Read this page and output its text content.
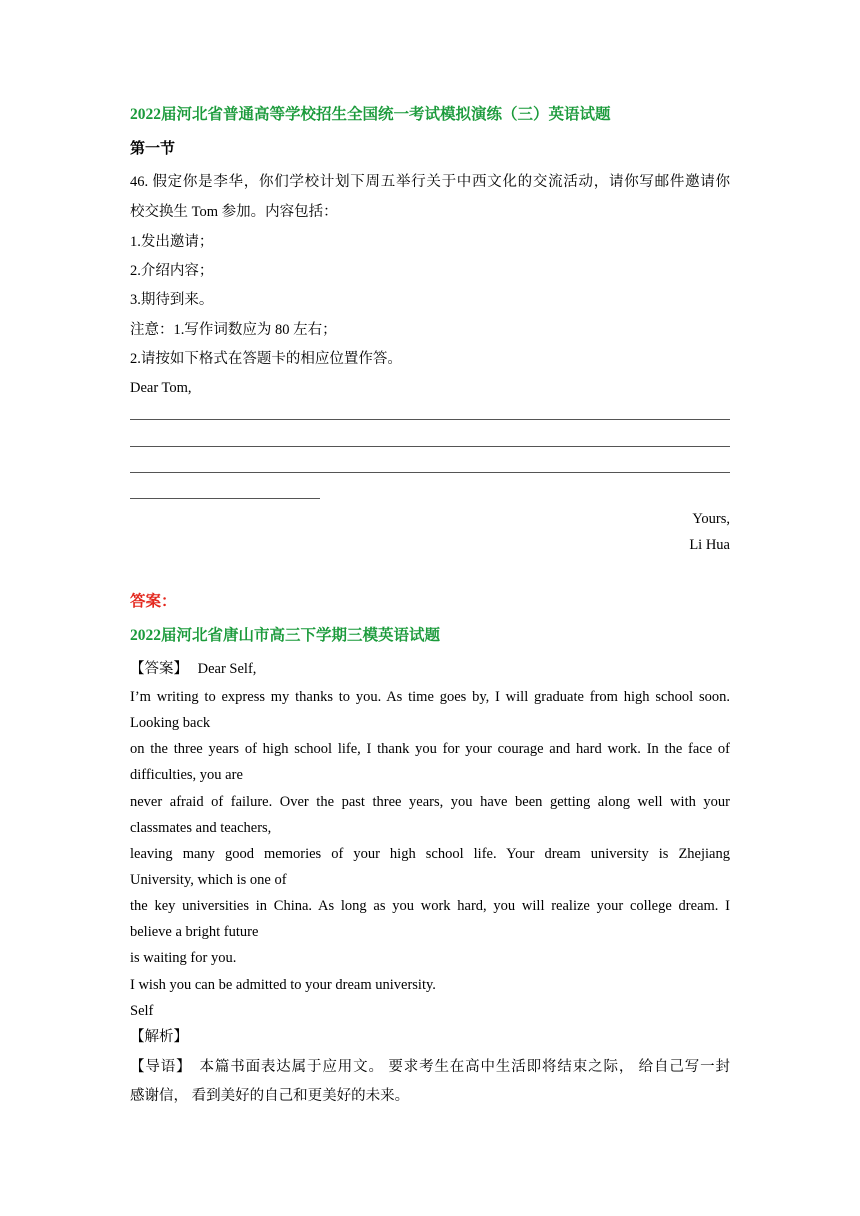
2022届河北省普通高等学校招生全国统一考试模拟演练（三）英语试题
第一节
46. 假定你是李华，你们学校计划下周五举行关于中西文化的交流活动，请你写邮件邀请你
校交换生 Tom 参加。内容包括：
1.发出邀请；
2.介绍内容；
3.期待到来。
注意：1.写作词数应为 80 左右；
2.请按如下格式在答题卡的相应位置作答。
Dear Tom,
Yours,
Li Hua
答案：
2022届河北省唐山市高三下学期三模英语试题
【答案】 Dear Self,
I’m writing to express my thanks to you. As time goes by, I will graduate from high school soon.
Looking back
on the three years of high school life, I thank you for your courage and hard work. In the face of
difficulties, you are
never afraid of failure. Over the past three years, you have been getting along well with your
classmates and teachers,
leaving many good memories of your high school life. Your dream university is Zhejiang
University, which is one of
the key universities in China. As long as you work hard, you will realize your college dream. I
believe a bright future
is waiting for you.
I wish you can be admitted to your dream university.
Self
【解析】
【导语】 本篇书面表达属于应用文。 要求考生在高中生活即将结束之际， 给自己写一封
感谢信， 看到美好的自己和更美好的未来。
